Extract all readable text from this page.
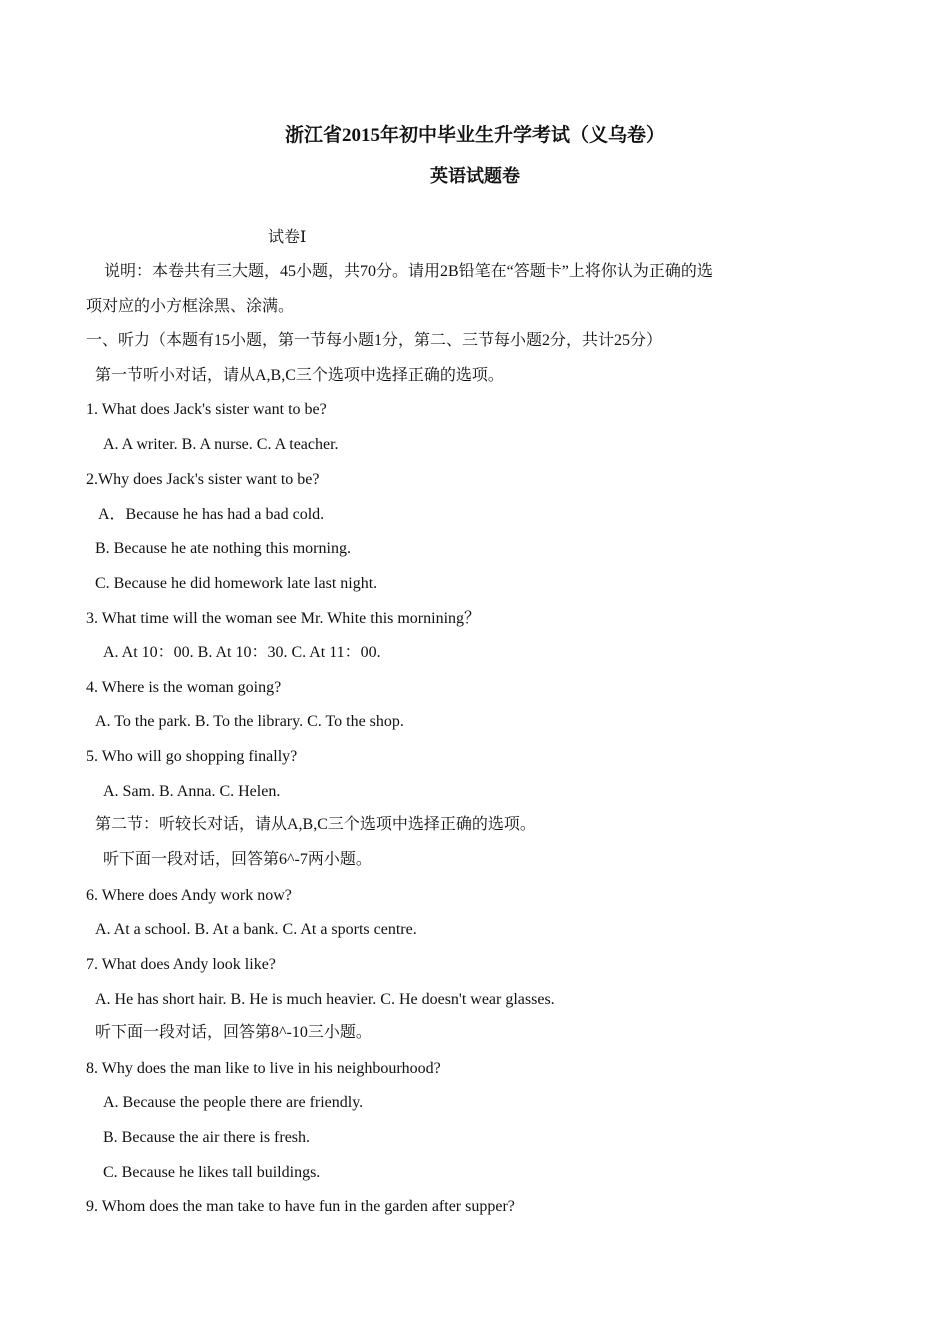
浙江省2015年初中毕业生升学考试（义乌卷）
英语试题卷
试卷Ⅰ
说明：本卷共有三大题，45小题，共70分。请用2B铅笔在“答题卡”上将你认为正确的选
项对应的小方框涂黑、涂满。
一、听力（本题有15小题，第一节每小题1分，第二、三节每小题2分，共计25分）
第一节听小对话，请从A,B,C三个选项中选择正确的选项。
1. What does Jack's sister want to be?
A. A writer. B. A nurse. C. A teacher.
2.Why does Jack's sister want to be?
A．Because he has had a bad cold.
B. Because he ate nothing this morning.
C. Because he did homework late last night.
3. What time will the woman see Mr. White this mornining？
A. At 10：00. B. At 10：30. C. At 11：00.
4. Where is the woman going?
A. To the park. B. To the library. C. To the shop.
5. Who will go shopping finally?
A. Sam. B. Anna. C. Helen.
第二节：听较长对话，请从A,B,C三个选项中选择正确的选项。
听下面一段对话，回答第6^-7两小题。
6. Where does Andy work now?
A. At a school. B. At a bank. C. At a sports centre.
7. What does Andy look like?
A. He has short hair. B. He is much heavier. C. He doesn't wear glasses.
听下面一段对话，回答第8^-10三小题。
8. Why does the man like to live in his neighbourhood?
A. Because the people there are friendly.
B. Because the air there is fresh.
C. Because he likes tall buildings.
9. Whom does the man take to have fun in the garden after supper?
